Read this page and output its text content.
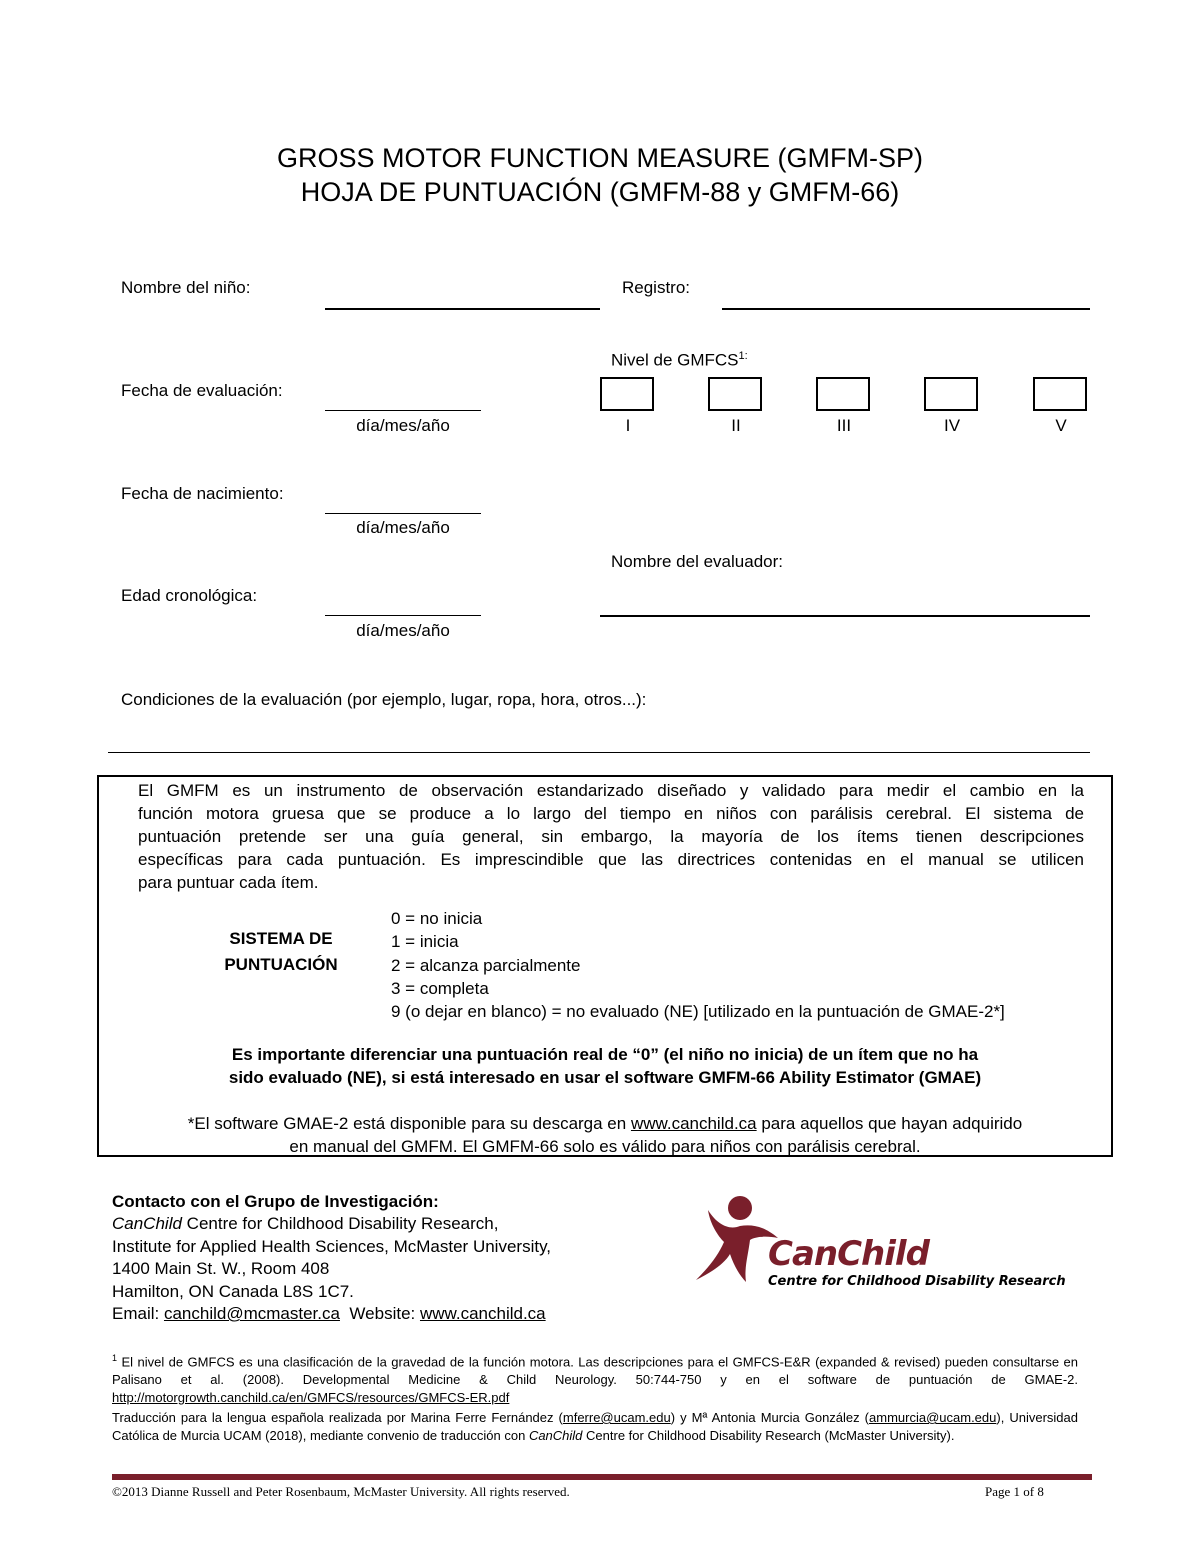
GROSS MOTOR FUNCTION MEASURE (GMFM-SP)
HOJA DE PUNTUACIÓN (GMFM-88 y GMFM-66)
Nombre del niño:	Registro:
Nivel de $GMFCS^{1:}$
I	II	III	IV	V
Fecha de evaluación:
día/mes/año
Fecha de nacimiento:
día/mes/año
Nombre del evaluador:
Edad cronológica:
día/mes/año
Condiciones de la evaluación (por ejemplo, lugar, ropa, hora, otros...):
El GMFM es un instrumento de observación estandarizado diseñado y validado para medir el cambio en la
función motora gruesa que se produce a lo largo del tiempo en niños con parálisis cerebral. El sistema de
puntuación pretende ser una guía general, sin embargo, la mayoría de los ítems tienen descripciones
específicas para cada puntuación. Es imprescindible que las directrices contenidas en el manual se utilicen
para puntuar cada ítem.
SISTEMA DE
PUNTUACIÓN
0 = no inicia
1 = inicia
2 = alcanza parcialmente
3 = completa
9 (o dejar en blanco) = no evaluado (NE) [utilizado en la puntuación de GMAE-2*]
Es importante diferenciar una puntuación real de “0” (el niño no inicia) de un ítem que no ha
sido evaluado (NE), si está interesado en usar el software GMFM-66 Ability Estimator (GMAE)
*El software GMAE-2 está disponible para su descarga en www.canchild.ca para aquellos que hayan adquirido
en manual del GMFM. El GMFM-66 solo es válido para niños con parálisis cerebral.
Contacto con el Grupo de Investigación:
CanChild Centre for Childhood Disability Research,
Institute for Applied Health Sciences, McMaster University,
1400 Main St. W., Room 408
Hamilton, ON Canada L8S 1C7.
Email: canchild@mcmaster.ca  Website: www.canchild.ca
CanChild
Centre for Childhood Disability Research
$^1$ El nivel de GMFCS es una clasificación de la gravedad de la función motora. Las descripciones para el GMFCS-E&R (expanded & revised) pueden consultarse en Palisano et al. (2008). Developmental Medicine & Child Neurology. 50:744-750 y en el software de puntuación de GMAE-2. http://motorgrowth.canchild.ca/en/GMFCS/resources/GMFCS-ER.pdf
Traducción para la lengua española realizada por Marina Ferre Fernández (mferre@ucam.edu) y Mª Antonia Murcia González (ammurcia@ucam.edu), Universidad Católica de Murcia UCAM (2018), mediante convenio de traducción con CanChild Centre for Childhood Disability Research (McMaster University).
©2013 Dianne Russell and Peter Rosenbaum, McMaster University. All rights reserved.	Page 1 of 8
